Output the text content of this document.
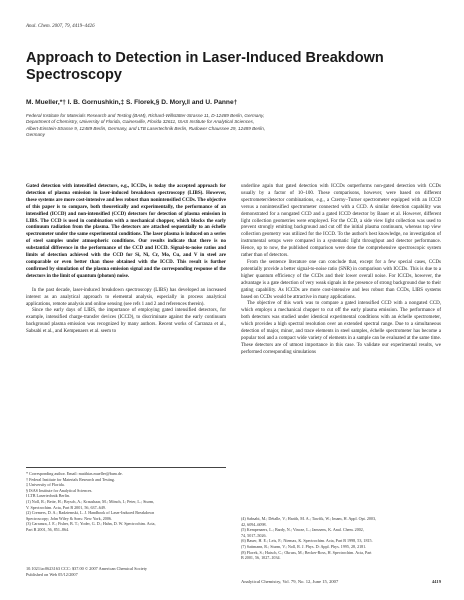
Anal. Chem. 2007, 79, 4419–4426
Approach to Detection in Laser-Induced Breakdown Spectroscopy
M. Mueller,*† I. B. Gornushkin,‡ S. Florek,§ D. Mory,‖ and U. Panne†
Federal Institute for Materials Research and Testing (BAM), Richard-Willstätter-Strasse 11, D-12489 Berlin, Germany,
Department of Chemistry, University of Florida, Gainesville, Florida 32611, ISAS Institute for Analytical Sciences,
Albert-Einstein-Strasse 9, 12489 Berlin, Germany, and LTB Lasertechnik Berlin, Rudower Chaussee 29, 12489 Berlin,
Germany
Gated detection with intensified detectors, e.g., ICCDs, is today the accepted approach for detection of plasma emission in laser-induced breakdown spectroscopy (LIBS). However, these systems are more cost-intensive and less robust than nonintensified CCDs. The objective of this paper is to compare, both theoretically and experimentally, the performance of an intensified (ICCD) and non-intensified (CCD) detectors for detection of plasma emission in LIBS. The CCD is used in combination with a mechanical chopper, which blocks the early continuum radiation from the plasma. The detectors are attached sequentially to an échelle spectrometer under the same experimental conditions. The laser plasma is induced on a series of steel samples under atmospheric conditions. Our results indicate that there is no substantial difference in the performance of the CCD and ICCD. Signal-to-noise ratios and limits of detection achieved with the CCD for Si, Ni, Cr, Mo, Cu, and V in steel are comparable or even better than those obtained with the ICCD. This result is further confirmed by simulation of the plasma emission signal and the corresponding response of the detectors in the limit of quantum (photon) noise.

In the past decade, laser-induced breakdown spectroscopy (LIBS) has developed an increased interest as an analytical approach to elemental analysis, especially in process analytical applications, remote analysis and online sensing (see refs 1 and 2 and references therein).

Since the early days of LIBS, the importance of employing gated intensified detectors, for example, intensified charge-transfer devices (ICCD), to discriminate against the early continuum background plasma emission was recognized by many authors. Recent works of Carranza et al., Sabsabi et al., and Kempenaers et al. seem to

* Corresponding author. Email: matthias.mueller@bam.de.
† Federal Institute for Materials Research and Testing.
‡ University of Florida.
§ ISAS Institute for Analytical Sciences.
‖ LTB Lasertechnik Berlin.
(1) Noll, R.; Bette, H.; Brysch, A.; Kraushaar, M.; Mönch, I.; Peter, L.; Sturm,
V. Spectrochim. Acta, Part B 2001, 56, 637–649.
(2) Cremers, D. A.; Radziemski, L. J. Handbook of Laser-Induced Breakdown
Spectroscopy; John Wiley & Sons: New York, 2006.
(3) Carranza, J. E.; Fisher, B. T.; Yoder, G. D.; Hahn, D. W. Spectrochim. Acta,
Part B 2001, 56, 851–864.

underline again that gated detection with ICCDs outperforms non-gated detection with CCDs usually by a factor of 10–100. These comparisons, however, were based on different spectrometer/detector combinations, e.g., a Czerny–Turner spectrometer equipped with an ICCD versus a nonintensified spectrometer connected with a CCD. A similar detection capability was demonstrated for a nongated CCD and a gated ICCD detector by Bauer et al. However, different light collection geometries were employed. For the CCD, a side view light collection was used to prevent strongly emitting background and cut off the initial plasma continuum, whereas top view collection geometry was utilized for the ICCD. To the author's best knowledge, no investigation of instrumental setups were compared in a systematic light throughput and detector performance. Hence, up to now, the published comparison were done the comprehensive spectroscopic system rather than of detectors.

From the sentence literature one can conclude that, except for a few special cases, CCDs potentially provide a better signal-to-noise ratio (SNR) in comparison with ICCDs. This is due to a higher quantum efficiency of the CCDs and their lower overall noise. For ICCDs, however, the advantage is a gate detection of very weak signals in the presence of strong background due to their gating capability. As ICCDs are more cost-intensive and less robust than CCDs, LIBS systems based on CCDs would be attractive in many applications.

The objective of this work was to compare a gated intensified CCD with a nongated CCD, which employs a mechanical chopper to cut off the early plasma emission. The performance of both detectors was studied under identical experimental conditions with an échelle spectrometer, which provides a high spectral resolution over an extended spectral range. Due to a simultaneous detection of major, minor, and trace elements in steel samples, échelle spectrometer has become a popular tool and a compact wide variety of elements in a sample can be evaluated at the same time. These detectors are of utmost importance in this case. To validate our experimental results, we performed corresponding simulations

(4) Sabsabi, M.; Détalle, V.; Harith, M. A.; Tawfik, W.; Imam, H. Appl. Opt. 2003,
42, 6094–6098.
(5) Kempenaers, L.; Bardy, N.; Vincze, L.; Janssens, K. Anal. Chem. 2002,
74, 5017–5026.
(6) Bauer, H. E.; Leis, F.; Niemax, K. Spectrochim. Acta, Part B 1998, 53, 1815.
(7) Sattmann, R.; Sturm, V.; Noll, R. J. Phys. D: Appl. Phys. 1995, 28, 2181.
(8) Florek, S.; Haisch, C.; Okruss, M.; Becker-Ross, H. Spectrochim. Acta, Part
B 2001, 56, 1027–1034.
10.1021/ac0623163 CCC: $37.00 © 2007 American Chemical Society
Published on Web 05/12/2007
Analytical Chemistry, Vol. 79, No. 12, June 15, 2007	4419
